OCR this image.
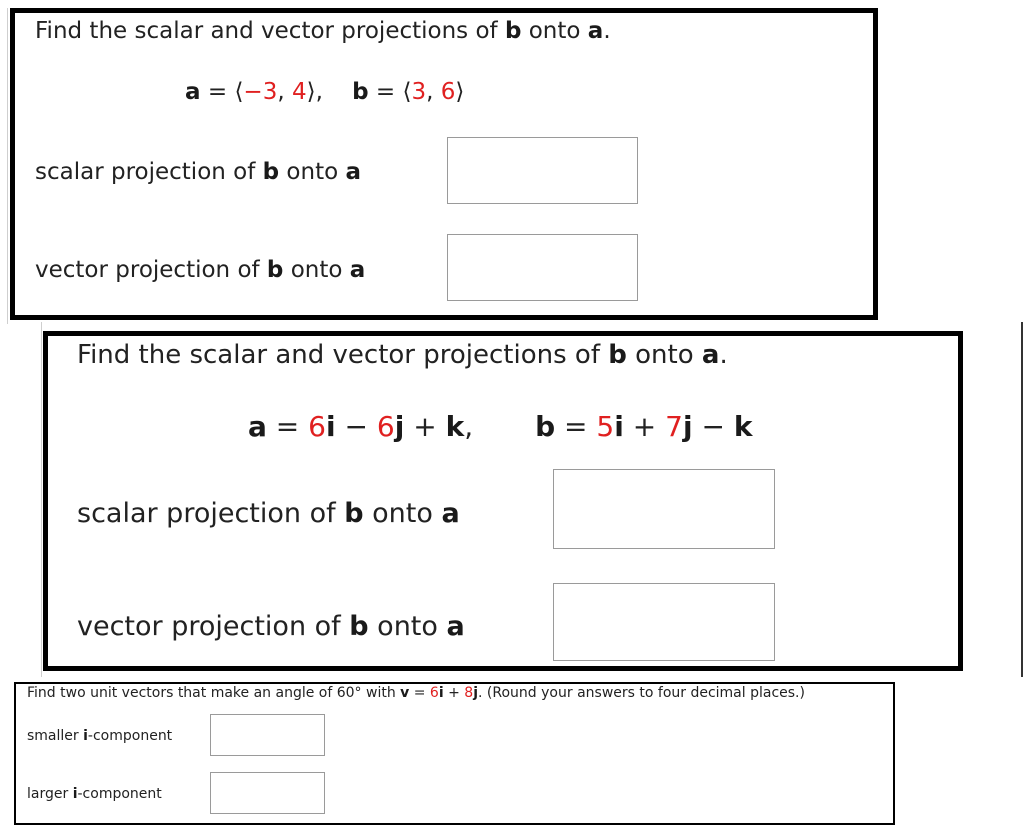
Find the scalar and vector projections of b onto a.
a = ⟨−3, 4⟩,    b = ⟨3, 6⟩
scalar projection of b onto a
vector projection of b onto a
Find the scalar and vector projections of b onto a.
a = 6i − 6j + k, b = 5i + 7j − k
scalar projection of b onto a
vector projection of b onto a
Find two unit vectors that make an angle of 60° with v = 6i + 8j. (Round your answers to four decimal places.)
smaller i-component
larger i-component
